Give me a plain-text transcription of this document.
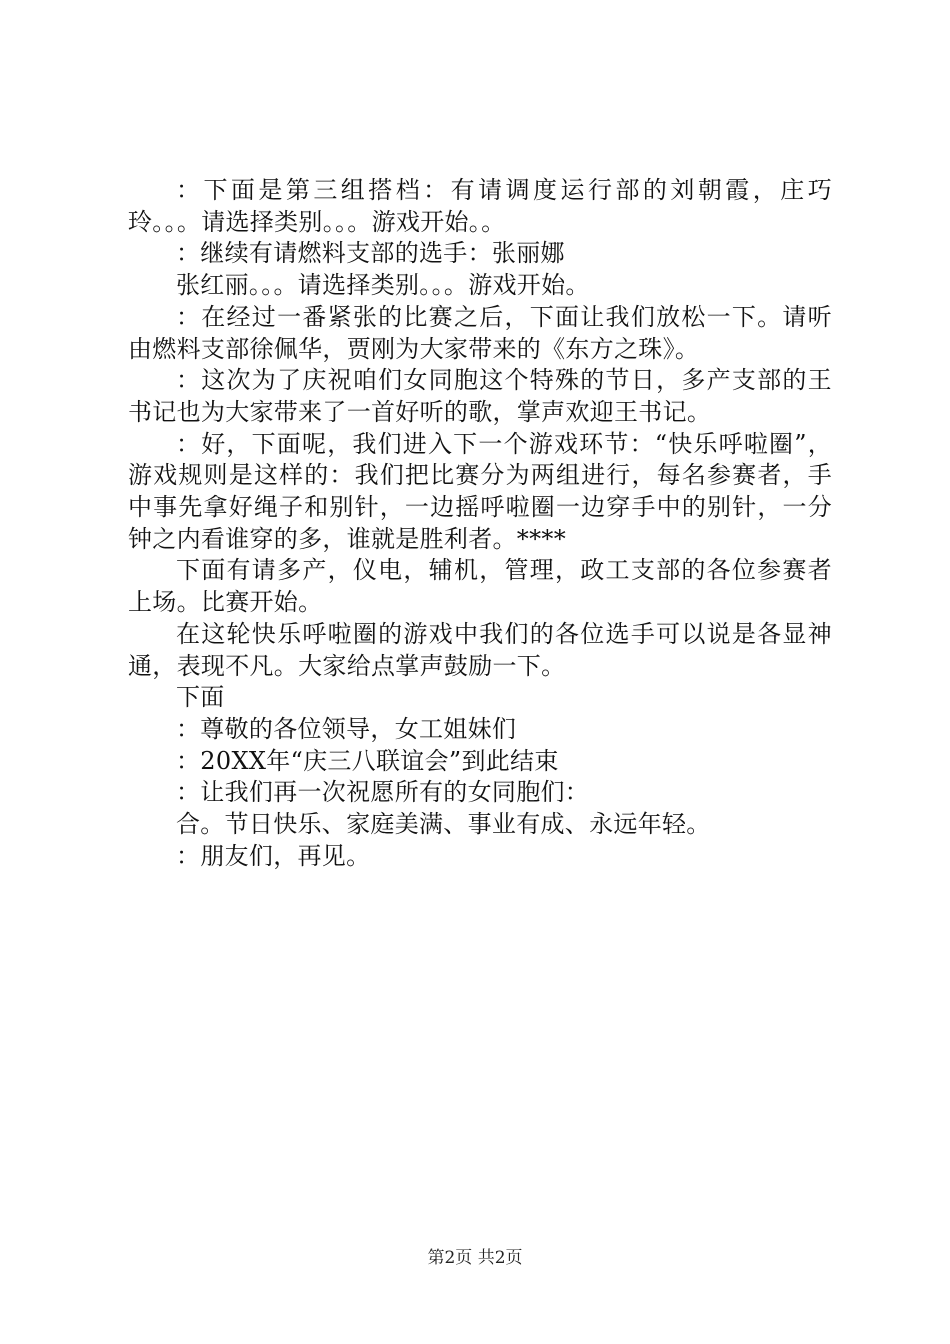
：下面是第三组搭档：有请调度运行部的刘朝霞，庄巧玲。。。请选择类别。。。游戏开始。。

：继续有请燃料支部的选手：张丽娜

张红丽。。。请选择类别。。。游戏开始。

：在经过一番紧张的比赛之后，下面让我们放松一下。请听由燃料支部徐佩华，贾刚为大家带来的《东方之珠》。

：这次为了庆祝咱们女同胞这个特殊的节日，多产支部的王书记也为大家带来了一首好听的歌，掌声欢迎王书记。

：好，下面呢，我们进入下一个游戏环节：“快乐呼啦圈”，游戏规则是这样的：我们把比赛分为两组进行，每名参赛者，手中事先拿好绳子和别针，一边摇呼啦圈一边穿手中的别针，一分钟之内看谁穿的多，谁就是胜利者。****

下面有请多产，仪电，辅机，管理，政工支部的各位参赛者上场。比赛开始。

在这轮快乐呼啦圈的游戏中我们的各位选手可以说是各显神通，表现不凡。大家给点掌声鼓励一下。

下面

：尊敬的各位领导，女工姐妹们

：20XX年“庆三八联谊会”到此结束

：让我们再一次祝愿所有的女同胞们：

合。节日快乐、家庭美满、事业有成、永远年轻。

：朋友们，再见。

第2页 共2页
